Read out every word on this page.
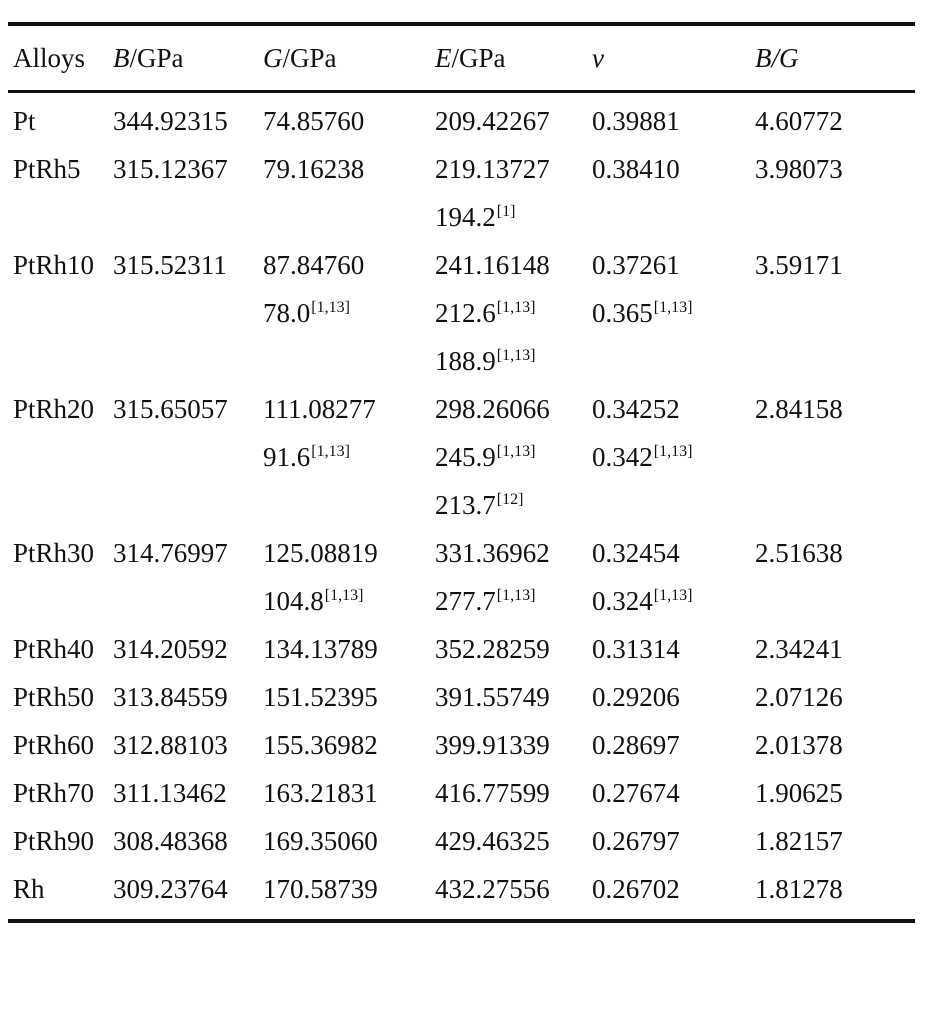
Alloys	B/GPa	G/GPa	E/GPa	ν	B/G
Pt	344.92315	74.85760	209.42267	0.39881	4.60772
PtRh5	315.12367	79.16238	219.13727	0.38410	3.98073
			194.2[1]		
PtRh10	315.52311	87.84760	241.16148	0.37261	3.59171
		78.0[1,13]	212.6[1,13]	0.365[1,13]	
			188.9[1,13]		
PtRh20	315.65057	111.08277	298.26066	0.34252	2.84158
		91.6[1,13]	245.9[1,13]	0.342[1,13]	
			213.7[12]		
PtRh30	314.76997	125.08819	331.36962	0.32454	2.51638
		104.8[1,13]	277.7[1,13]	0.324[1,13]	
PtRh40	314.20592	134.13789	352.28259	0.31314	2.34241
PtRh50	313.84559	151.52395	391.55749	0.29206	2.07126
PtRh60	312.88103	155.36982	399.91339	0.28697	2.01378
PtRh70	311.13462	163.21831	416.77599	0.27674	1.90625
PtRh90	308.48368	169.35060	429.46325	0.26797	1.82157
Rh	309.23764	170.58739	432.27556	0.26702	1.81278
